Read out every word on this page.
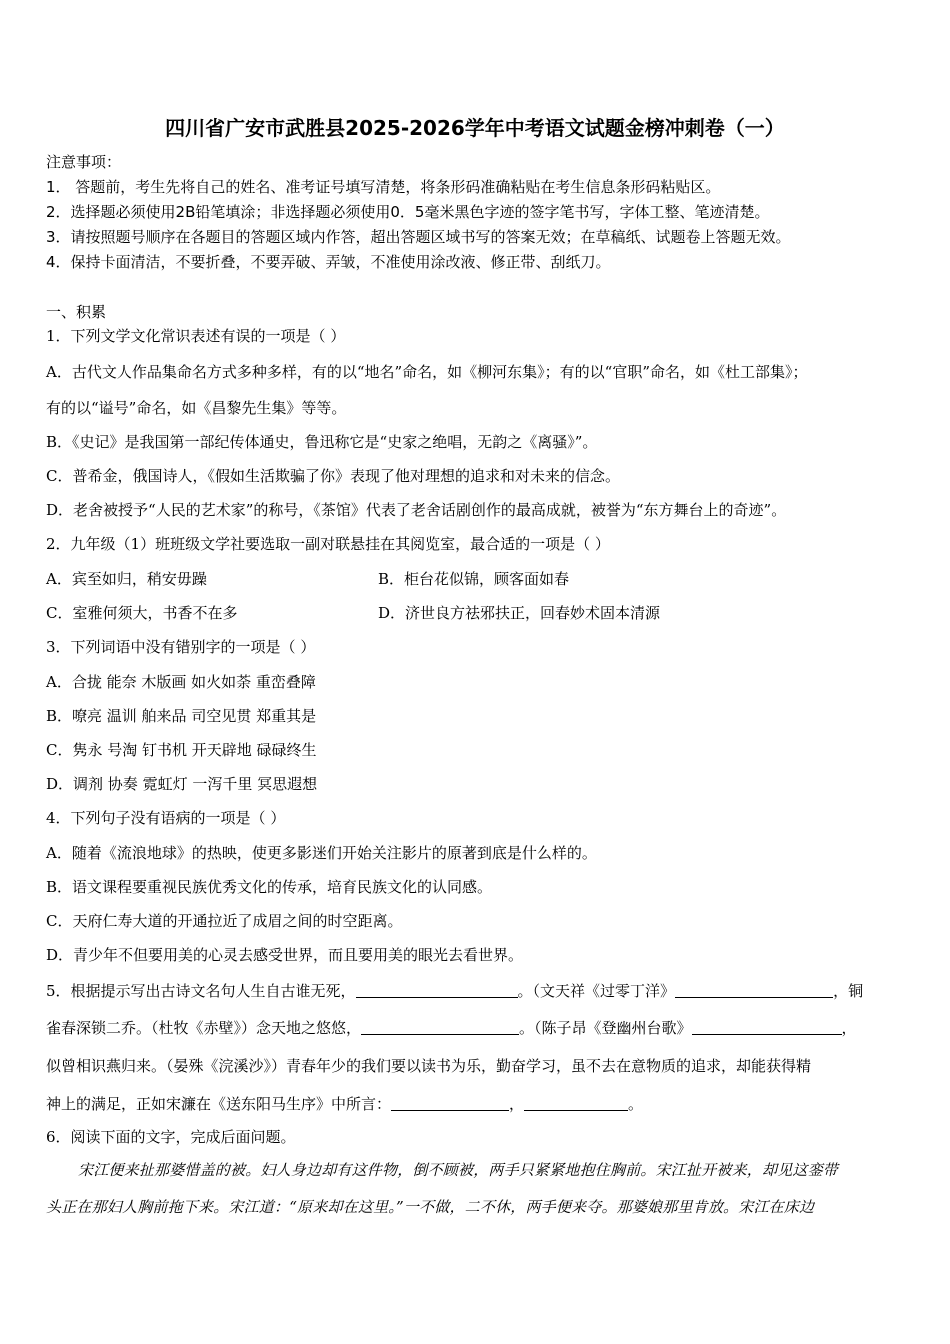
四川省广安市武胜县2025-2026学年中考语文试题金榜冲刺卷（一）
注意事项：
1． 答题前，考生先将自己的姓名、准考证号填写清楚，将条形码准确粘贴在考生信息条形码粘贴区。
2．选择题必须使用2B铅笔填涂；非选择题必须使用0．5毫米黑色字迹的签字笔书写，字体工整、笔迹清楚。
3．请按照题号顺序在各题目的答题区域内作答，超出答题区域书写的答案无效；在草稿纸、试题卷上答题无效。
4．保持卡面清洁，不要折叠，不要弄破、弄皱，不准使用涂改液、修正带、刮纸刀。
一、积累
1．下列文学文化常识表述有误的一项是（ ）
A．古代文人作品集命名方式多种多样，有的以“地名”命名，如《柳河东集》；有的以“官职”命名，如《杜工部集》；
有的以“谥号”命名，如《昌黎先生集》等等。
B．《史记》是我国第一部纪传体通史，鲁迅称它是“史家之绝唱，无韵之《离骚》”。
C．普希金，俄国诗人，《假如生活欺骗了你》表现了他对理想的追求和对未来的信念。
D．老舍被授予“人民的艺术家”的称号，《茶馆》代表了老舍话剧创作的最高成就，被誉为“东方舞台上的奇迹”。
2．九年级（1）班班级文学社要选取一副对联悬挂在其阅览室，最合适的一项是（ ）
A．宾至如归，稍安毋躁	B．柜台花似锦，顾客面如春
C．室雅何须大，书香不在多	D．济世良方祛邪扶正，回春妙术固本清源
3．下列词语中没有错别字的一项是（ ）
A．合拢 能奈 木版画 如火如荼 重峦叠障
B．嘹亮 温训 舶来品 司空见贯 郑重其是
C．隽永 号淘 钉书机 开天辟地 碌碌终生
D．调剂 协奏 霓虹灯 一泻千里 冥思遐想
4．下列句子没有语病的一项是（ ）
A．随着《流浪地球》的热映，使更多影迷们开始关注影片的原著到底是什么样的。
B．语文课程要重视民族优秀文化的传承，培育民族文化的认同感。
C．天府仁寿大道的开通拉近了成眉之间的时空距离。
D．青少年不但要用美的心灵去感受世界，而且要用美的眼光去看世界。
5．根据提示写出古诗文名句人生自古谁无死，	。（文天祥《过零丁洋》	，铜
雀春深锁二乔。（杜牧《赤壁》）念天地之悠悠，	。（陈子昂《登幽州台歌》	，
似曾相识燕归来。（晏殊《浣溪沙》）青春年少的我们要以读书为乐，勤奋学习，虽不去在意物质的追求，却能获得精
神上的满足，正如宋濂在《送东阳马生序》中所言：	，	。
6．阅读下面的文字，完成后面问题。
宋江便来扯那婆惜盖的被。妇人身边却有这件物，倒不顾被，两手只紧紧地抱住胸前。宋江扯开被来，却见这銮带
头正在那妇人胸前拖下来。宋江道：“原来却在这里。”一不做，二不休，两手便来夺。那婆娘那里肯放。宋江在床边
